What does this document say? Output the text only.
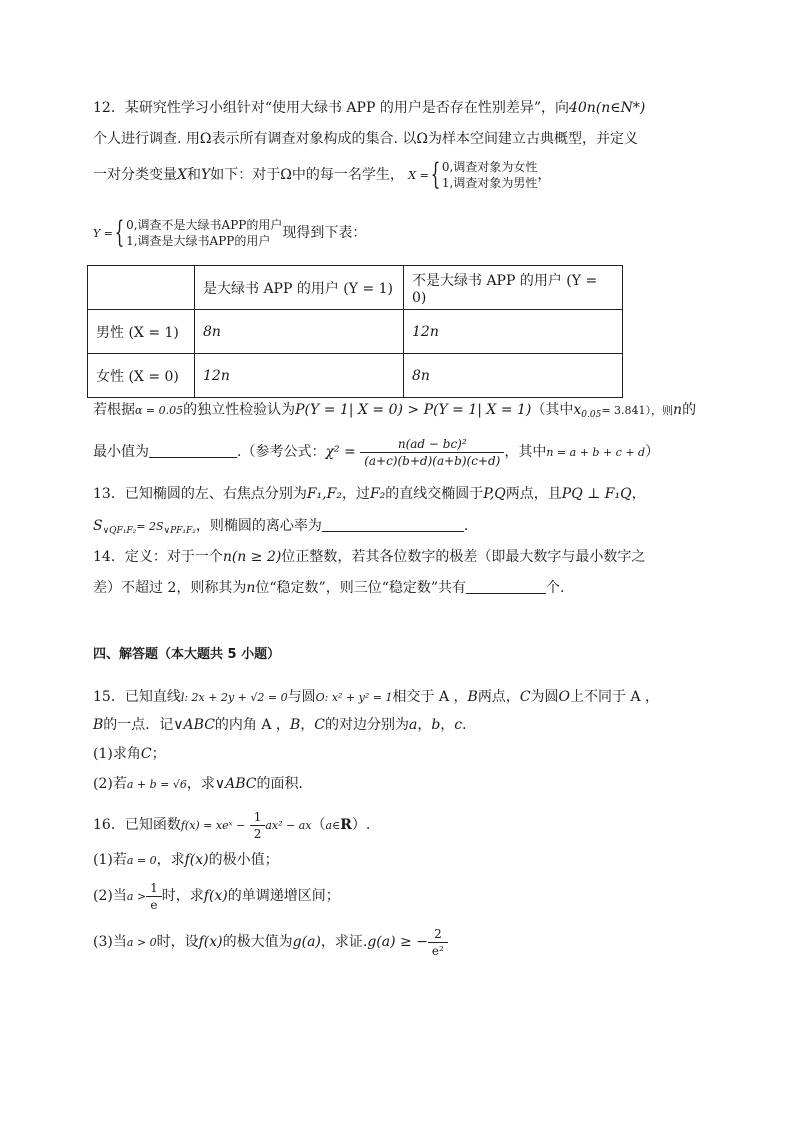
12．某研究性学习小组针对“使用大绿书 APP 的用户是否存在性别差异”，向40n(n∈N*)
个人进行调查. 用Ω表示所有调查对象构成的集合. 以Ω为样本空间建立古典概型，并定义
一对分类变量X和Y如下：对于Ω中的每一名学生， X ={ 0,调查对象为女性
1,调查对象为男性 ，
Y ={ 0,调查不是大绿书APP的用户
1,调查是大绿书APP的用户 现得到下表：
	是大绿书 APP 的用户 (Y = 1)	不是大绿书 APP 的用户 (Y = 0)
男性 (X = 1)	8n	12n
女性 (X = 0)	12n	8n
若根据α = 0.05的独立性检验认为P(Y = 1| X = 0) > P(Y = 1| X = 1)（其中$x_{0.05}= 3.841$），则n的
最小值为	.（参考公式：$\chi^2 = \frac{\text{n(ad − bc)²}}{(a+c)(b+d)(a+b)(c+d)}$ ，其中n = a + b + c + d）
13．已知椭圆的左、右焦点分别为F₁,F₂，过F₂的直线交椭圆于P,Q两点，且PQ ⊥ F₁Q，
$S_{\vee QF_1F_2}= 2S_{\vee PF_1F_2}$，则椭圆的离心率为	.
14．定义：对于一个n(n ≥ 2)位正整数，若其各位数字的极差（即最大数字与最小数字之
差）不超过 2，则称其为n位“稳定数”，则三位“稳定数”共有	个.
四、解答题（本大题共 5 小题）
15．已知直线l: 2x + 2y + √2 = 0与圆O: x² + y² = 1相交于 A ，B两点，C为圆O上不同于 A ，
B的一点．记∨ABC的内角 A ，B，C的对边分别为a，b，c．
(1)求角C；
(2)若a + b = √6，求∨ABC的面积．
16．已知函数f(x) = xeˣ − $\frac{1}{2} ax^2$ − ax（a∈R）.
(1)若a = 0，求f(x)的极小值；
(2)当$a > \frac{1}{e}$ 时，求f(x)的单调递增区间；
(3)当a > 0时，设f(x)的极大值为g(a)，求证.g(a) ≥ − $\frac{2}{\text{e²}}$
